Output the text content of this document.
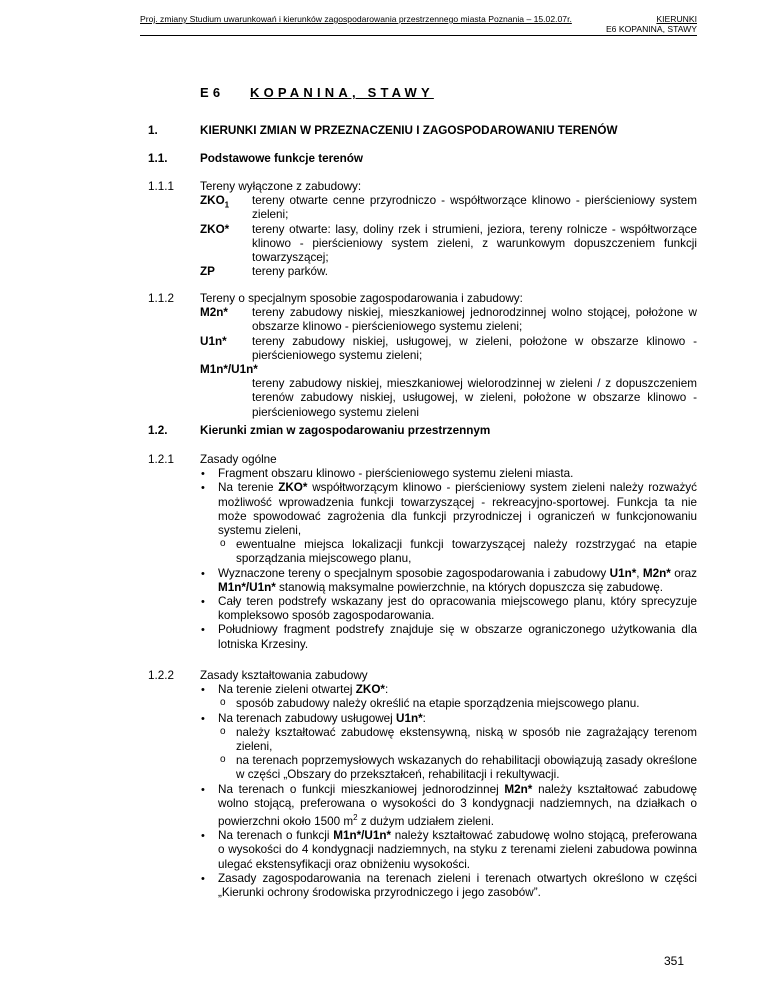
Proj. zmiany Studium uwarunkowań i kierunków zagospodarowania przestrzennego miasta Poznania – 15.02.07r.	KIERUNKI
E6 KOPANINA, STAWY
E6 KOPANINA, STAWY
1.	KIERUNKI ZMIAN W PRZEZNACZENIU I ZAGOSPODAROWANIU TERENÓW
1.1.	Podstawowe funkcje terenów
1.1.1 Tereny wyłączone z zabudowy:
$ZKO_1$	tereny otwarte cenne przyrodniczo - współtworzące klinowo - pierścieniowy system zieleni;
ZKO*	tereny otwarte: lasy, doliny rzek i strumieni, jeziora, tereny rolnicze - współtworzące klinowo - pierścieniowy system zieleni, z warunkowym dopuszczeniem funkcji towarzyszącej;
ZP	tereny parków.
1.1.2 Tereny o specjalnym sposobie zagospodarowania i zabudowy:
M2n*	tereny zabudowy niskiej, mieszkaniowej jednorodzinnej wolno stojącej, położone w obszarze klinowo - pierścieniowego systemu zieleni;
U1n*	tereny zabudowy niskiej, usługowej, w zieleni, położone w obszarze klinowo - pierścieniowego systemu zieleni;
M1n*/U1n*
tereny zabudowy niskiej, mieszkaniowej wielorodzinnej w zieleni / z dopuszczeniem terenów zabudowy niskiej, usługowej, w zieleni, położone w obszarze klinowo - pierścieniowego systemu zieleni
1.2.	Kierunki zmian w zagospodarowaniu przestrzennym
1.2.1 Zasady ogólne
• Fragment obszaru klinowo - pierścieniowego systemu zieleni miasta.
• Na terenie ZKO* współtworzącym klinowo - pierścieniowy system zieleni należy rozważyć możliwość wprowadzenia funkcji towarzyszącej - rekreacyjno-sportowej. Funkcja ta nie może spowodować zagrożenia dla funkcji przyrodniczej i ograniczeń w funkcjonowaniu systemu zieleni,
o ewentualne miejsca lokalizacji funkcji towarzyszącej należy rozstrzygać na etapie sporządzania miejscowego planu,
• Wyznaczone tereny o specjalnym sposobie zagospodarowania i zabudowy U1n*, M2n* oraz M1n*/U1n* stanowią maksymalne powierzchnie, na których dopuszcza się zabudowę.
• Cały teren podstrefy wskazany jest do opracowania miejscowego planu, który sprecyzuje kompleksowo sposób zagospodarowania.
• Południowy fragment podstrefy znajduje się w obszarze ograniczonego użytkowania dla lotniska Krzesiny.
1.2.2 Zasady kształtowania zabudowy
• Na terenie zieleni otwartej ZKO*:
o sposób zabudowy należy określić na etapie sporządzenia miejscowego planu.
• Na terenach zabudowy usługowej U1n*:
o należy kształtować zabudowę ekstensywną, niską w sposób nie zagrażający terenom zieleni,
o na terenach poprzemysłowych wskazanych do rehabilitacji obowiązują zasady określone w części „Obszary do przekształceń, rehabilitacji i rekultywacji.
• Na terenach o funkcji mieszkaniowej jednorodzinnej M2n* należy kształtować zabudowę wolno stojącą, preferowana o wysokości do 3 kondygnacji nadziemnych, na działkach o powierzchni około 1500 $m^2$ z dużym udziałem zieleni.
• Na terenach o funkcji M1n*/U1n* należy kształtować zabudowę wolno stojącą, preferowana o wysokości do 4 kondygnacji nadziemnych, na styku z terenami zieleni zabudowa powinna ulegać ekstensyfikacji oraz obniżeniu wysokości.
• Zasady zagospodarowania na terenach zieleni i terenach otwartych określono w części „Kierunki ochrony środowiska przyrodniczego i jego zasobów”.
351
